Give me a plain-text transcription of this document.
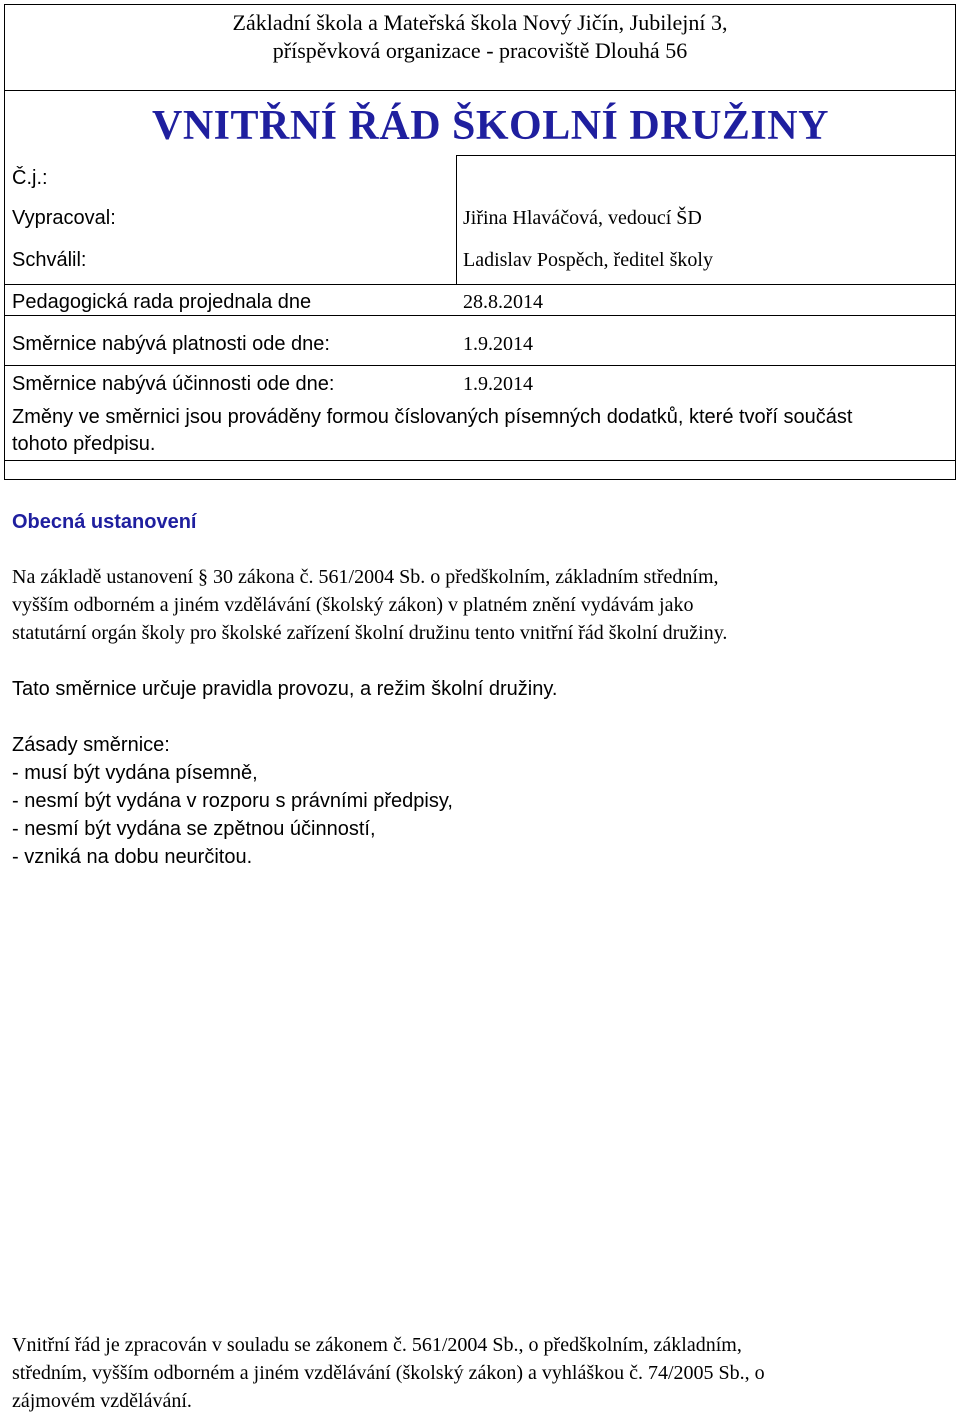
Základní škola a Mateřská škola Nový Jičín, Jubilejní 3,
příspěvková organizace - pracoviště Dlouhá 56
VNITŘNÍ ŘÁD ŠKOLNÍ DRUŽINY
Č.j.:
Vypracoval:	Jiřina Hlaváčová, vedoucí ŠD
Schválil:	Ladislav Pospěch, ředitel školy
Pedagogická rada projednala dne	28.8.2014
Směrnice nabývá platnosti ode dne:	1.9.2014
Směrnice nabývá účinnosti ode dne:	1.9.2014
Změny ve směrnici jsou prováděny formou číslovaných písemných dodatků, které tvoří součást
tohoto předpisu.
Obecná ustanovení
Na základě ustanovení § 30 zákona č. 561/2004 Sb. o předškolním, základním středním,
vyšším odborném a jiném vzdělávání (školský zákon) v platném znění vydávám jako
statutární orgán školy pro školské zařízení školní družinu tento vnitřní řád školní družiny.
Tato směrnice určuje pravidla provozu, a režim školní družiny.
Zásady směrnice:
- musí být vydána písemně,
- nesmí být vydána v rozporu s právními předpisy,
- nesmí být vydána se zpětnou účinností,
- vzniká na dobu neurčitou.
Vnitřní řád je zpracován v souladu se zákonem č. 561/2004 Sb., o předškolním, základním,
středním, vyšším odborném a jiném vzdělávání (školský zákon) a vyhláškou č. 74/2005 Sb., o
zájmovém vzdělávání.
